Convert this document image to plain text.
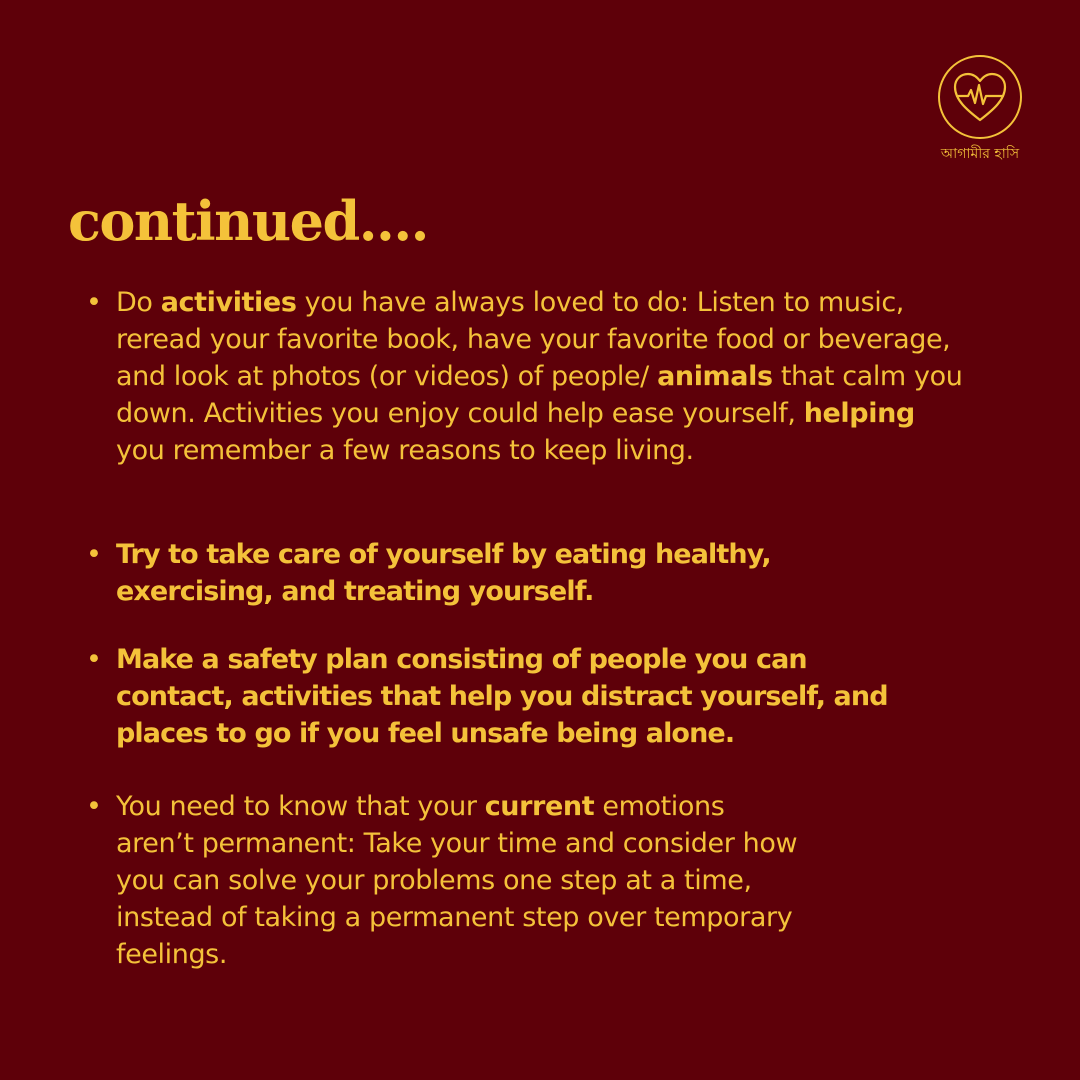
আগামীর হাসি
continued....
• Do activities you have always loved to do: Listen to music, reread your favorite book, have your favorite food or beverage, and look at photos (or videos) of people/ animals that calm you down. Activities you enjoy could help ease yourself, helping you remember a few reasons to keep living.
• Try to take care of yourself by eating healthy, exercising, and treating yourself.
• Make a safety plan consisting of people you can contact, activities that help you distract yourself, and places to go if you feel unsafe being alone.
• You need to know that your current emotions aren’t permanent: Take your time and consider how you can solve your problems one step at a time, instead of taking a permanent step over temporary feelings.
